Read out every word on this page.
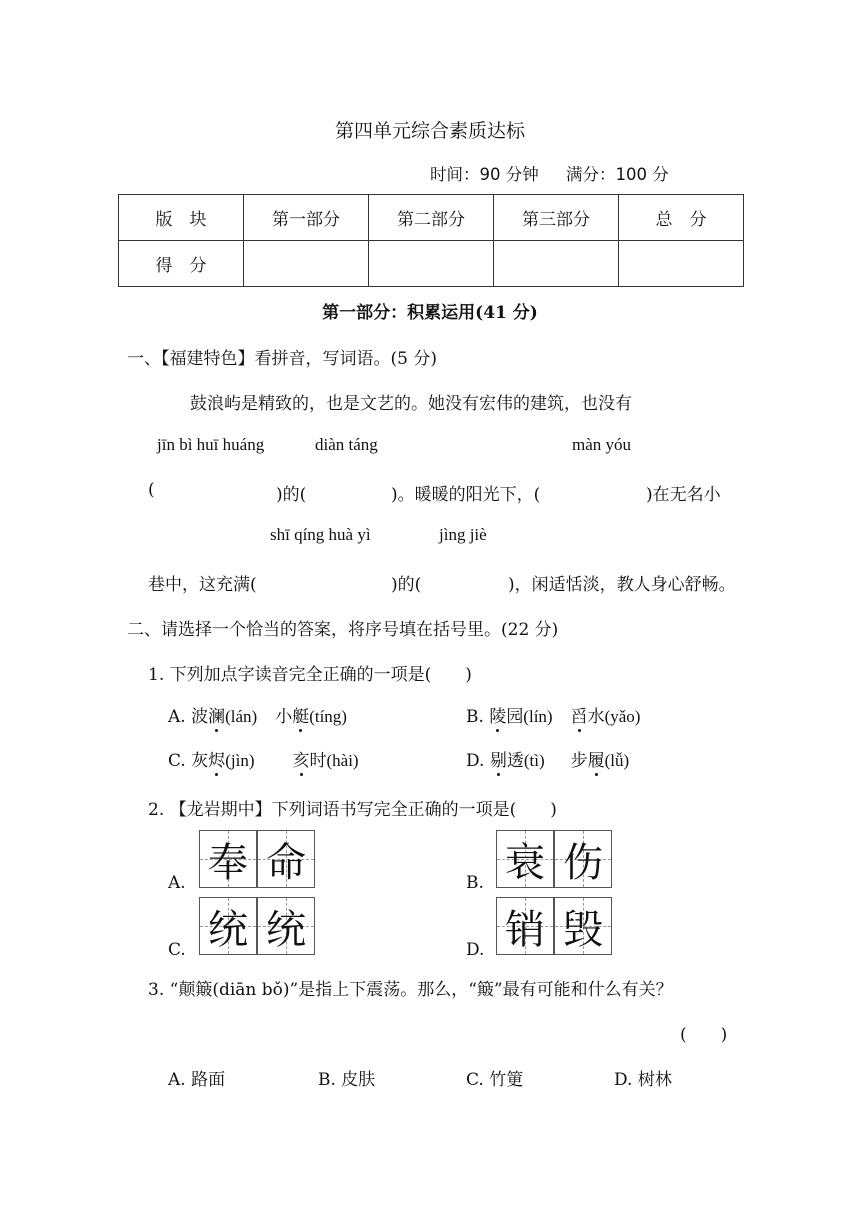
第四单元综合素质达标
时间：90 分钟 满分：100 分
版　块	第一部分	第二部分	第三部分	总　分
得　分				
第一部分：积累运用(41 分)
一、【福建特色】看拼音，写词语。(5 分)
鼓浪屿是精致的，也是文艺的。她没有宏伟的建筑，也没有
jīn bì huī huáng	diàn táng	màn yóu
(	)的(	)。暖暖的阳光下，(	)在无名小
shī qíng huà yì	jìng jiè
巷中，这充满(	)的(	)，闲适恬淡，教人身心舒畅。
二、请选择一个恰当的答案，将序号填在括号里。(22 分)
1. 下列加点字读音完全正确的一项是(　　)
A. 波澜(lán) 小艇(tíng)	B. 陵园(lín) 舀水(yǎo)
C. 灰烬(jìn) 亥时(hài)	D. 剔透(tì) 步履(lǚ)
2. 【龙岩期中】下列词语书写完全正确的一项是(　　)
A. 奉 命	B. 衰 伤
C. 统 统	D. 销 毁
3. “颠簸(diān bǒ)”是指上下震荡。那么，“簸”最有可能和什么有关？
(　　)
A. 路面	B. 皮肤	C. 竹筻	D. 树林
